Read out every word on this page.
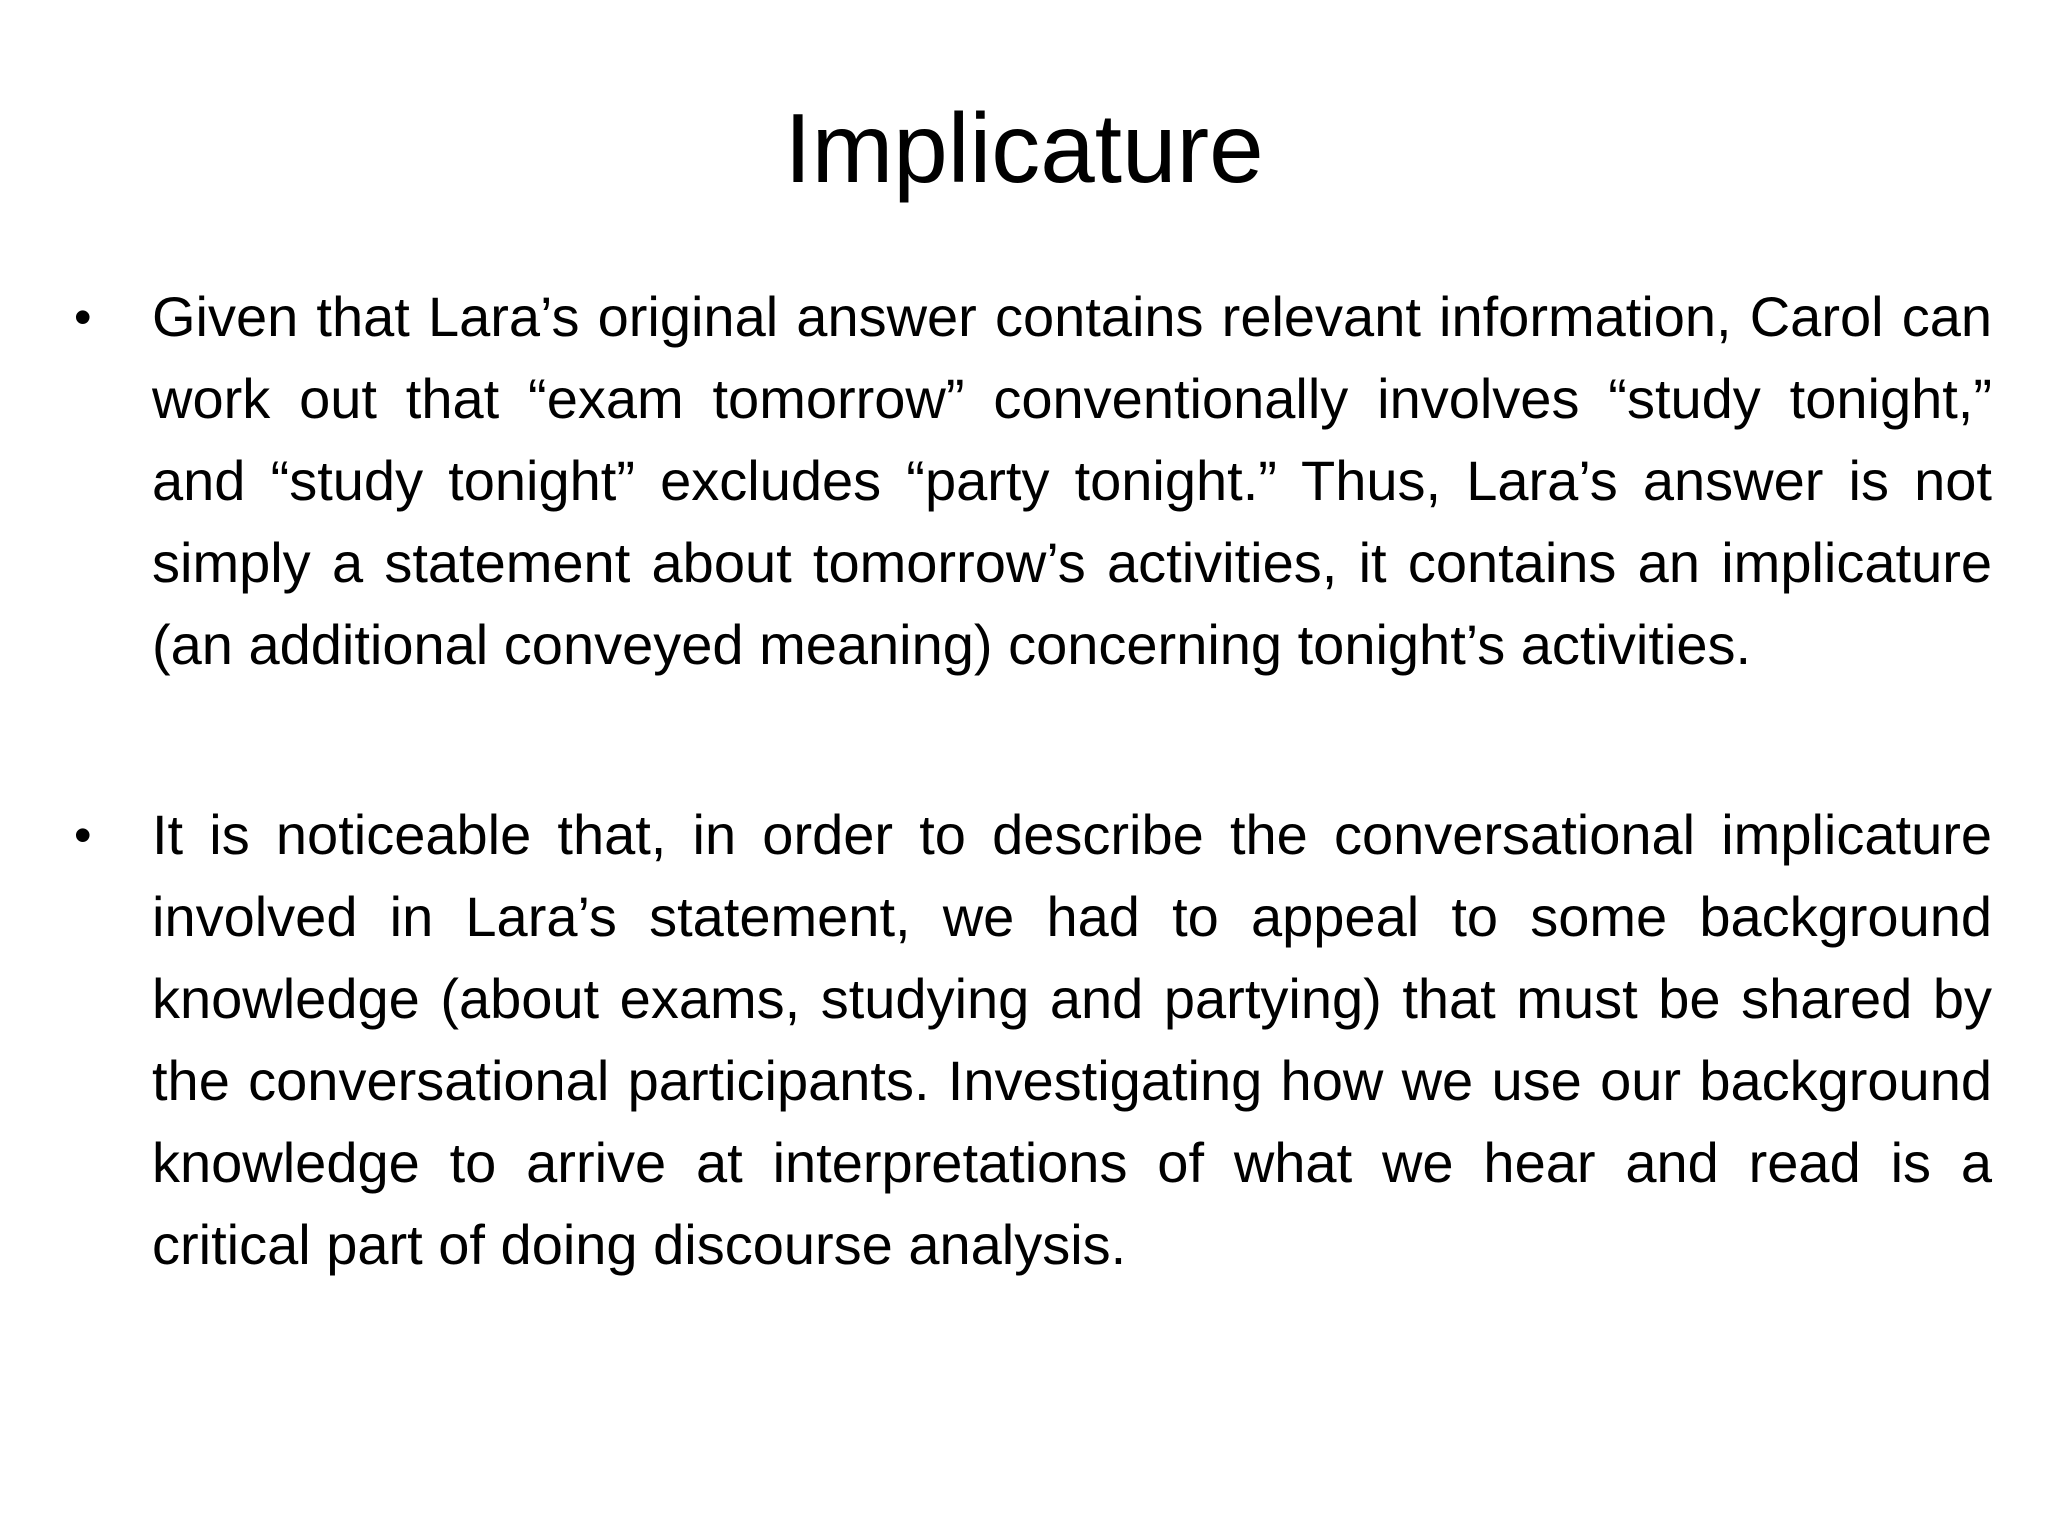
Implicature
•	Given that Lara’s original answer contains relevant information, Carol can work out that “exam tomorrow” conventionally involves “study tonight,” and “study tonight” excludes “party tonight.” Thus, Lara’s answer is not simply a statement about tomorrow’s activities, it contains an implicature (an additional conveyed meaning) concerning tonight’s activities.
•	It is noticeable that, in order to describe the conversational implicature involved in Lara’s statement, we had to appeal to some background knowledge (about exams, studying and partying) that must be shared by the conversational participants. Investigating how we use our background knowledge to arrive at interpretations of what we hear and read is a critical part of doing discourse analysis.
